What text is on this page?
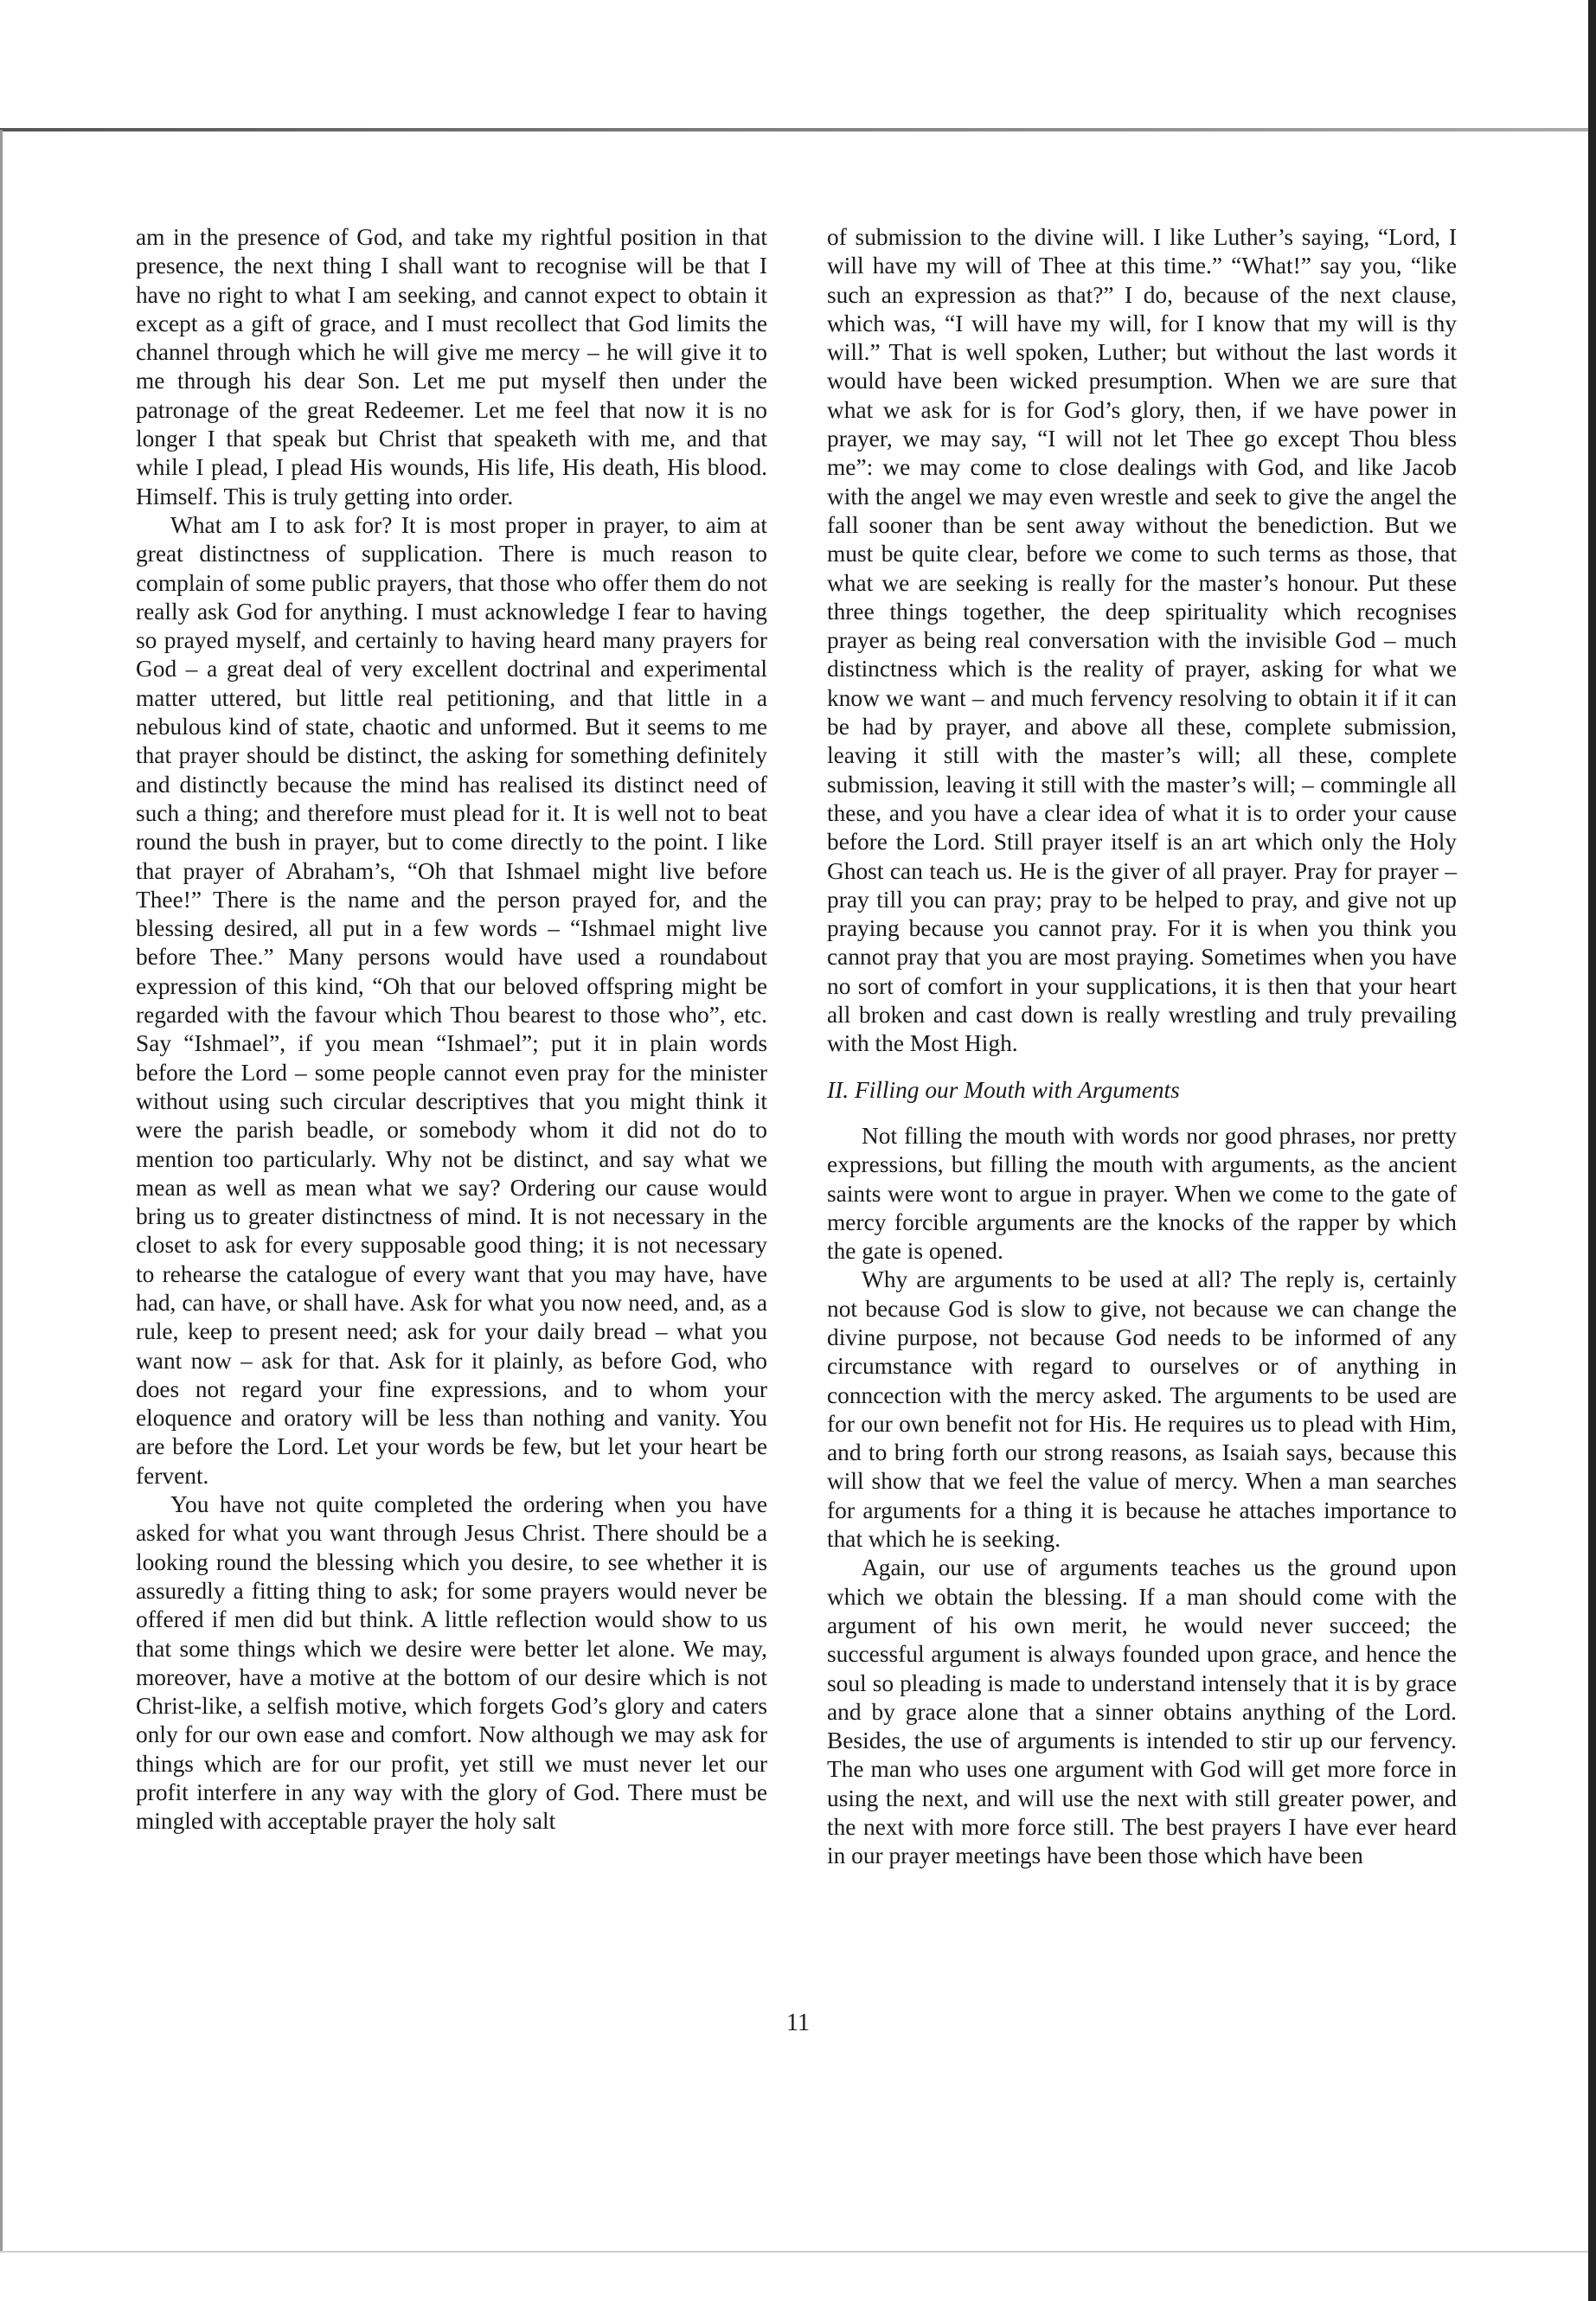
am in the presence of God, and take my rightful position in that presence, the next thing I shall want to recognise will be that I have no right to what I am seeking, and cannot expect to obtain it except as a gift of grace, and I must recollect that God limits the channel through which he will give me mercy – he will give it to me through his dear Son. Let me put myself then under the patronage of the great Redeemer. Let me feel that now it is no longer I that speak but Christ that speaketh with me, and that while I plead, I plead His wounds, His life, His death, His blood. Himself. This is truly getting into order.

What am I to ask for? It is most proper in prayer, to aim at great distinctness of supplication. There is much reason to complain of some public prayers, that those who offer them do not really ask God for anything. I must acknowledge I fear to having so prayed myself, and certainly to having heard many prayers for God – a great deal of very excellent doctrinal and experimental matter uttered, but little real petitioning, and that little in a nebulous kind of state, chaotic and unformed. But it seems to me that prayer should be distinct, the asking for something definitely and distinctly because the mind has realised its distinct need of such a thing; and therefore must plead for it. It is well not to beat round the bush in prayer, but to come directly to the point. I like that prayer of Abraham’s, “Oh that Ishmael might live before Thee!” There is the name and the person prayed for, and the blessing desired, all put in a few words – “Ishmael might live before Thee.” Many persons would have used a roundabout expression of this kind, “Oh that our beloved offspring might be regarded with the favour which Thou bearest to those who”, etc. Say “Ishmael”, if you mean “Ishmael”; put it in plain words before the Lord – some people cannot even pray for the minister without using such circular descriptives that you might think it were the parish beadle, or somebody whom it did not do to mention too particularly. Why not be distinct, and say what we mean as well as mean what we say? Ordering our cause would bring us to greater distinctness of mind. It is not necessary in the closet to ask for every supposable good thing; it is not necessary to rehearse the catalogue of every want that you may have, have had, can have, or shall have. Ask for what you now need, and, as a rule, keep to present need; ask for your daily bread – what you want now – ask for that. Ask for it plainly, as before God, who does not regard your fine expressions, and to whom your eloquence and oratory will be less than nothing and vanity. You are before the Lord. Let your words be few, but let your heart be fervent.

You have not quite completed the ordering when you have asked for what you want through Jesus Christ. There should be a looking round the blessing which you desire, to see whether it is assuredly a fitting thing to ask; for some prayers would never be offered if men did but think. A little reflection would show to us that some things which we desire were better let alone. We may, moreover, have a motive at the bottom of our desire which is not Christ-like, a selfish motive, which forgets God’s glory and caters only for our own ease and comfort. Now although we may ask for things which are for our profit, yet still we must never let our profit interfere in any way with the glory of God. There must be mingled with acceptable prayer the holy salt

of submission to the divine will. I like Luther’s saying, “Lord, I will have my will of Thee at this time.” “What!” say you, “like such an expression as that?” I do, because of the next clause, which was, “I will have my will, for I know that my will is thy will.” That is well spoken, Luther; but without the last words it would have been wicked presumption. When we are sure that what we ask for is for God’s glory, then, if we have power in prayer, we may say, “I will not let Thee go except Thou bless me”: we may come to close dealings with God, and like Jacob with the angel we may even wrestle and seek to give the angel the fall sooner than be sent away without the benediction. But we must be quite clear, before we come to such terms as those, that what we are seeking is really for the master’s honour. Put these three things together, the deep spirituality which recognises prayer as being real conversation with the invisible God – much distinctness which is the reality of prayer, asking for what we know we want – and much fervency resolving to obtain it if it can be had by prayer, and above all these, complete submission, leaving it still with the master’s will; all these, complete submission, leaving it still with the master’s will; – commingle all these, and you have a clear idea of what it is to order your cause before the Lord. Still prayer itself is an art which only the Holy Ghost can teach us. He is the giver of all prayer. Pray for prayer – pray till you can pray; pray to be helped to pray, and give not up praying because you cannot pray. For it is when you think you cannot pray that you are most praying. Sometimes when you have no sort of comfort in your supplications, it is then that your heart all broken and cast down is really wrestling and truly prevailing with the Most High.

II. Filling our Mouth with Arguments

Not filling the mouth with words nor good phrases, nor pretty expressions, but filling the mouth with arguments, as the ancient saints were wont to argue in prayer. When we come to the gate of mercy forcible arguments are the knocks of the rapper by which the gate is opened.

Why are arguments to be used at all? The reply is, certainly not because God is slow to give, not because we can change the divine purpose, not because God needs to be informed of any circumstance with regard to ourselves or of anything in conncection with the mercy asked. The arguments to be used are for our own benefit not for His. He requires us to plead with Him, and to bring forth our strong reasons, as Isaiah says, because this will show that we feel the value of mercy. When a man searches for arguments for a thing it is because he attaches importance to that which he is seeking.

Again, our use of arguments teaches us the ground upon which we obtain the blessing. If a man should come with the argument of his own merit, he would never succeed; the successful argument is always founded upon grace, and hence the soul so pleading is made to understand intensely that it is by grace and by grace alone that a sinner obtains anything of the Lord. Besides, the use of arguments is intended to stir up our fervency. The man who uses one argument with God will get more force in using the next, and will use the next with still greater power, and the next with more force still. The best prayers I have ever heard in our prayer meetings have been those which have been

11
